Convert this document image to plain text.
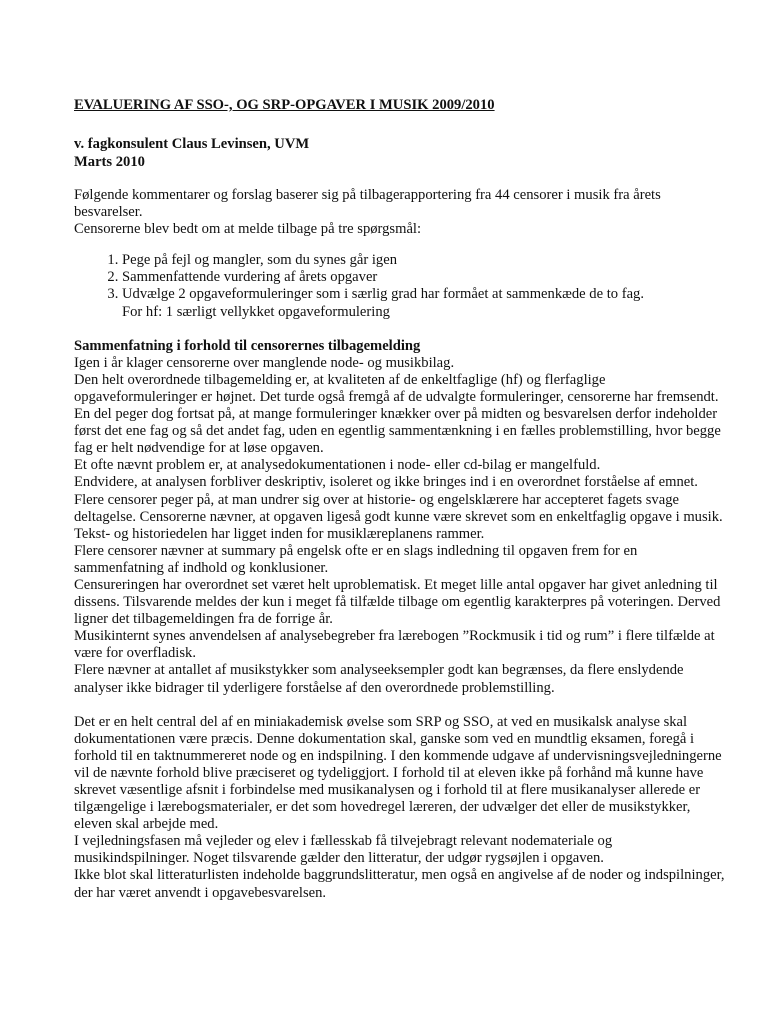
EVALUERING AF SSO-, OG SRP-OPGAVER I MUSIK 2009/2010

v. fagkonsulent Claus Levinsen, UVM

Marts 2010

Følgende kommentarer og forslag baserer sig på tilbagerapportering fra 44 censorer i musik fra årets besvarelser.

Censorerne blev bedt om at melde tilbage på tre spørgsmål:

1. Pege på fejl og mangler, som du synes går igen
2. Sammenfattende vurdering af årets opgaver
3. Udvælge 2 opgaveformuleringer som i særlig grad har formået at sammenkæde de to fag.
For hf: 1 særligt vellykket opgaveformulering

Sammenfatning i forhold til censorernes tilbagemelding

Igen i år klager censorerne over manglende node- og musikbilag.

Den helt overordnede tilbagemelding er, at kvaliteten af de enkeltfaglige (hf) og flerfaglige opgaveformuleringer er højnet. Det turde også fremgå af de udvalgte formuleringer, censorerne har fremsendt. En del peger dog fortsat på, at mange formuleringer knækker over på midten og besvarelsen derfor indeholder først det ene fag og så det andet fag, uden en egentlig sammentænkning i en fælles problemstilling, hvor begge fag er helt nødvendige for at løse opgaven.

Et ofte nævnt problem er, at analysedokumentationen i node- eller cd-bilag er mangelfuld.

Endvidere, at analysen forbliver deskriptiv, isoleret og ikke bringes ind i en overordnet forståelse af emnet. Flere censorer peger på, at man undrer sig over at historie- og engelsklærere har accepteret fagets svage deltagelse. Censorerne nævner, at opgaven ligeså godt kunne være skrevet som en enkeltfaglig opgave i musik. Tekst- og historiedelen har ligget inden for musiklæreplanens rammer.

Flere censorer nævner at summary på engelsk ofte er en slags indledning til opgaven frem for en sammenfatning af indhold og konklusioner.

Censureringen har overordnet set været helt uproblematisk. Et meget lille antal opgaver har givet anledning til dissens. Tilsvarende meldes der kun i meget få tilfælde tilbage om egentlig karakterpres på voteringen. Derved ligner det tilbagemeldingen fra de forrige år.

Musikinternt synes anvendelsen af analysebegreber fra lærebogen ”Rockmusik i tid og rum” i flere tilfælde at være for overfladisk.

Flere nævner at antallet af musikstykker som analyseeksempler godt kan begrænses, da flere enslydende analyser ikke bidrager til yderligere forståelse af den overordnede problemstilling.

Det er en helt central del af en miniakademisk øvelse som SRP og SSO, at ved en musikalsk analyse skal dokumentationen være præcis. Denne dokumentation skal, ganske som ved en mundtlig eksamen, foregå i forhold til en taktnummereret node og en indspilning. I den kommende udgave af undervisningsvejledningerne vil de nævnte forhold blive præciseret og tydeliggjort. I forhold til at eleven ikke på forhånd må kunne have skrevet væsentlige afsnit i forbindelse med musikanalysen og i forhold til at flere musikanalyser allerede er tilgængelige i lærebogsmaterialer, er det som hovedregel læreren, der udvælger det eller de musikstykker, eleven skal arbejde med.

I vejledningsfasen må vejleder og elev i fællesskab få tilvejebragt relevant nodemateriale og musikindspilninger. Noget tilsvarende gælder den litteratur, der udgør rygsøjlen i opgaven.

Ikke blot skal litteraturlisten indeholde baggrundslitteratur, men også en angivelse af de noder og indspilninger, der har været anvendt i opgavebesvarelsen.
